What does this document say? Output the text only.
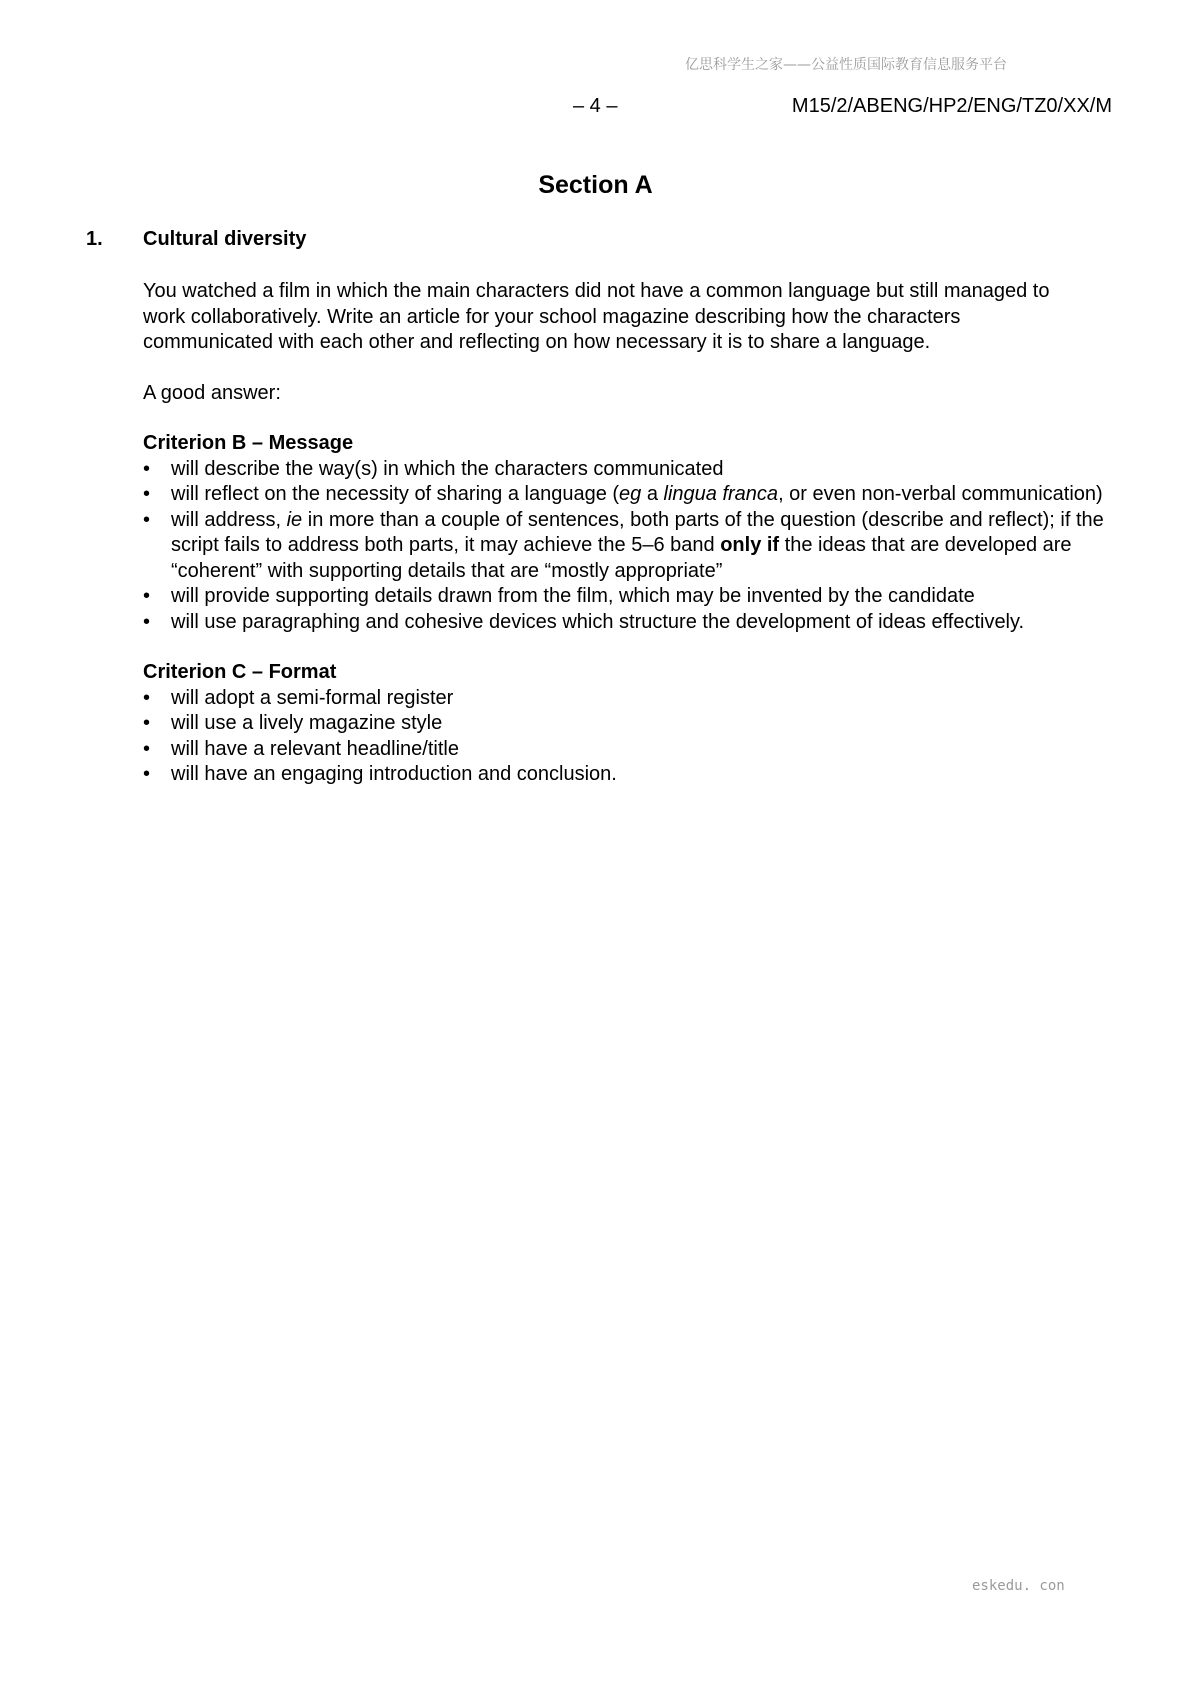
亿思科学生之家——公益性质国际教育信息服务平台
– 4 –	M15/2/ABENG/HP2/ENG/TZ0/XX/M
Section A
1. Cultural diversity

You watched a film in which the main characters did not have a common language but still managed to work collaboratively. Write an article for your school magazine describing how the characters communicated with each other and reflecting on how necessary it is to share a language.

A good answer:

Criterion B – Message

• will describe the way(s) in which the characters communicated
• will reflect on the necessity of sharing a language (eg a lingua franca, or even non-verbal communication)
• will address, ie in more than a couple of sentences, both parts of the question (describe and reflect); if the script fails to address both parts, it may achieve the 5–6 band only if the ideas that are developed are “coherent” with supporting details that are “mostly appropriate”
• will provide supporting details drawn from the film, which may be invented by the candidate
• will use paragraphing and cohesive devices which structure the development of ideas effectively.

Criterion C – Format

• will adopt a semi-formal register
• will use a lively magazine style
• will have a relevant headline/title
• will have an engaging introduction and conclusion.
eskedu. con
